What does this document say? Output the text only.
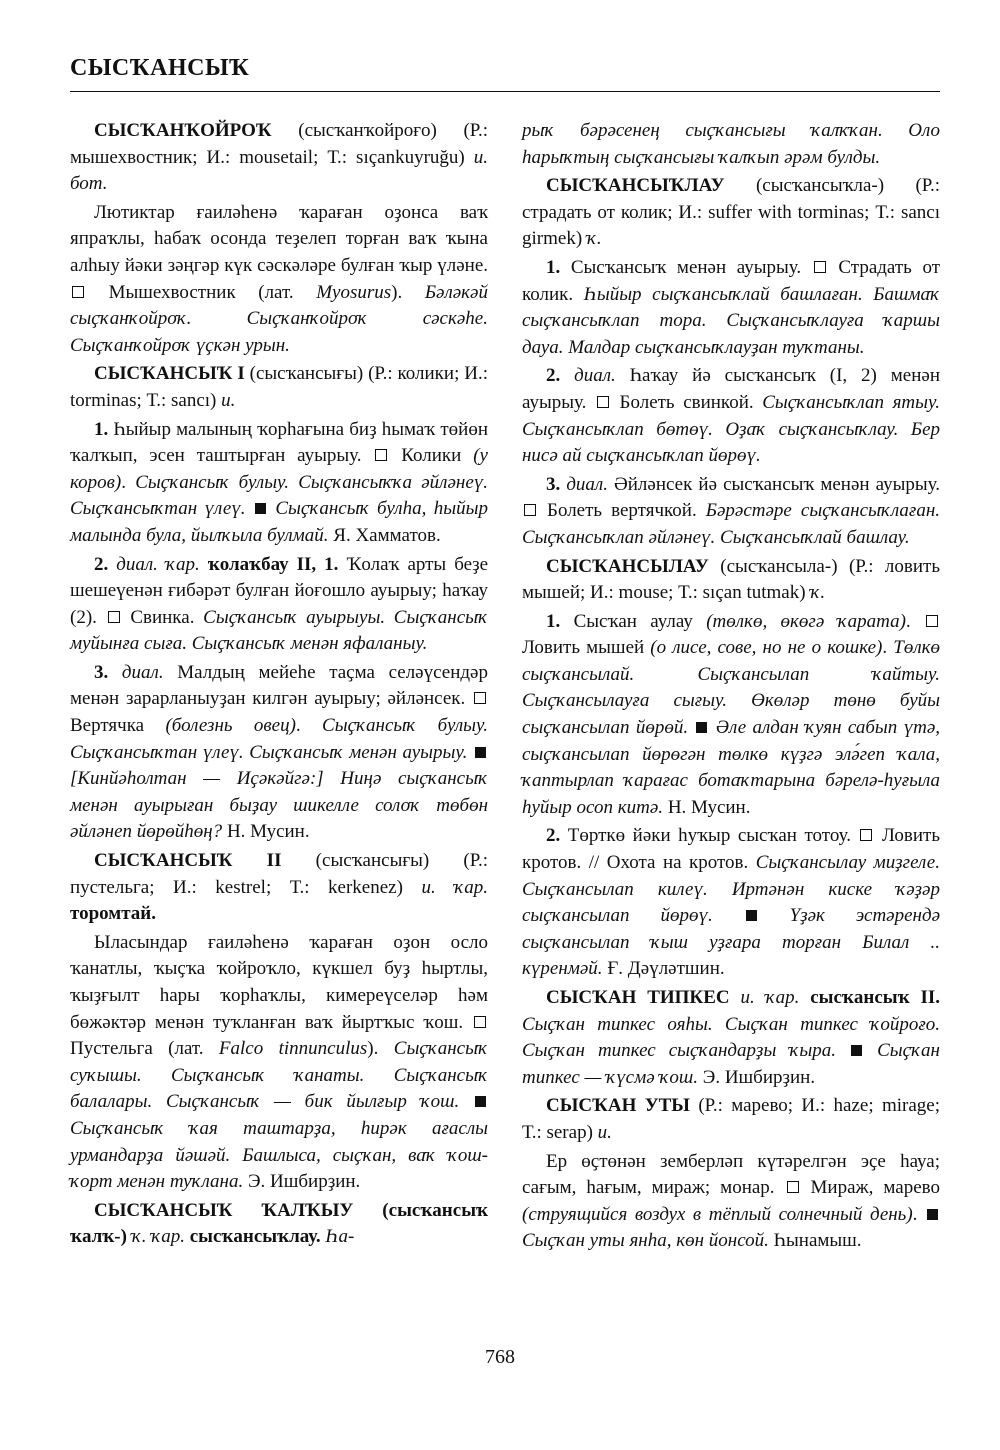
СЫСҠАНСЫҠ

СЫСҠАНҠОЙРОҠ (сысҡанҡойроғо) (Р.: мышехвостник; И.: mousetail; Т.: sıçankuyruğu) и. бот.

Лютиктар ғаиләһенә ҡараған оҙонса ваҡ япраҡлы, һабаҡ осонда теҙелеп торған ваҡ ҡына алһыу йәки зәңгәр күк сәскәләре булған ҡыр үләне.  Мышехвостник (лат. Myosurus). Бәләкәй сыҫҡанҡойроҡ. Сыҫҡанҡойроҡ сәскәһе. Сыҫҡанҡойроҡ үҫкән урын.

СЫСҠАНСЫҠ I (сысҡансығы) (Р.: колики; И.: torminas; Т.: sancı) и.

1. Һыйыр малының ҡорһағына биҙ һымаҡ төйөн ҡалҡып, эсен таштырған ауырыу.  Колики (у коров). Сыҫҡансыҡ булыу. Сыҫҡансыҡҡа әйләнеү. Сыҫҡансыҡтан үлеү.  Сыҫҡансыҡ булһа, һыйыр малында була, йылҡыла булмай. Я. Хамматов.

2. диал. ҡар. ҡолаҡбау II, 1. Ҡолаҡ арты беҙе шешеүенән ғибәрәт булған йоғошло ауырыу; һаҡау (2).  Свинка. Сыҫҡансыҡ ауырыуы. Сыҫҡансыҡ муйынға сыға. Сыҫҡансыҡ менән яфаланыу.

3. диал. Малдың мейеһе таҫма селәүсендәр менән зарарланыуҙан килгән ауырыу; әйләнсек.  Вертячка (болезнь овец). Сыҫҡансыҡ булыу. Сыҫҡансыҡтан үлеү. Сыҫҡансыҡ менән ауырыу.  [Кинйәһолтан — Иҫәкәйгә:] Ниңә сыҫҡансыҡ менән ауырыған быҙау шикелле солоҡ төбөн әйләнеп йөрөйһөң? Н. Мусин.

СЫСҠАНСЫҠ II (сысҡансығы) (Р.: пустельга; И.: kestrel; Т.: kerkenez) и. ҡар. торомтай.

Ыласындар ғаиләһенә ҡараған оҙон осло ҡанатлы, ҡыҫҡа ҡойроҡло, күкшел буҙ һыртлы, ҡыҙғылт һары ҡорһаҡлы, кимереүселәр һәм бөжәктәр менән туҡланған ваҡ йыртҡыс ҡош.  Пустельга (лат. Falco tinnunculus). Сыҫҡансыҡ суҡышы. Сыҫҡансыҡ ҡанаты. Сыҫҡансыҡ балалары. Сыҫҡансыҡ — бик йылғыр ҡош.  Сыҫҡансыҡ ҡая таштарҙа, һирәк ағаслы урмандарҙа йәшәй. Башлыса, сыҫҡан, ваҡ ҡош-ҡорт менән туҡлана. Э. Ишбирҙин.

СЫСҠАНСЫҠ ҠАЛҠЫУ (сысҡансыҡ ҡалҡ-) ҡ. ҡар. сысҡансыҡлау. Һа-

рыҡ бәрәсенең сыҫҡансығы ҡалҡҡан. Оло һарыҡтың сыҫҡансығы ҡалҡып әрәм булды.

СЫСҠАНСЫҠЛАУ (сысҡансыҡла-) (Р.: страдать от колик; И.: suffer with torminas; Т.: sancı girmek) ҡ.

1. Сысҡансыҡ менән ауырыу.  Страдать от колик. Һыйыр сыҫҡансыҡлай башлаған. Башмаҡ сыҫҡансыҡлап тора. Сыҫҡансыҡлауға ҡаршы дауа. Малдар сыҫҡансыҡлауҙан туҡтаны.

2. диал. Һаҡау йә сысҡансыҡ (I, 2) менән ауырыу.  Болеть свинкой. Сыҫҡансыҡлап ятыу. Сыҫҡансыҡлап бөтөү. Оҙаҡ сыҫҡансыҡлау. Бер нисә ай сыҫҡансыҡлап йөрөү.

3. диал. Әйләнсек йә сысҡансыҡ менән ауырыу.  Болеть вертячкой. Бәрәстәре сыҫҡансыҡлаған. Сыҫҡансыҡлап әйләнеү. Сыҫҡансыҡлай башлау.

СЫСҠАНСЫЛАУ (сысҡансыла-) (Р.: ловить мышей; И.: mouse; Т.: sıçan tutmak) ҡ.

1. Сысҡан аулау (төлкө, өкөгә ҡарата).  Ловить мышей (о лисе, сове, но не о кошке). Төлкө сыҫҡансылай. Сыҫҡансылап ҡайтыу. Сыҫҡансылауға сығыу. Өкөләр төнө буйы сыҫҡансылап йөрөй.  Әле алдан ҡуян сабып үтә, сыҫҡансылап йөрөгән төлкө күҙгә элә́геп ҡала, ҡаптырлап ҡарағас ботаҡтарына бәрелә-һуғыла һуйыр осоп китә. Н. Мусин.

2. Төрткө йәки һуҡыр сысҡан тотоу.  Ловить кротов. // Охота на кротов. Сыҫҡансылау миҙгеле. Сыҫҡансылап килеү. Иртәнән киске ҡәҙәр сыҫҡансылап йөрөү.  Үҙәк эстәрендә сыҫҡансылап ҡыш уҙғара торған Билал .. күренмәй. Ғ. Дәүләтшин.

СЫСҠАН ТИПКЕС и. ҡар. сысҡансыҡ II. Сыҫҡан типкес ояһы. Сыҫҡан типкес ҡойроғо. Сыҫҡан типкес сыҫҡандарҙы ҡыра.  Сыҫҡан типкес — ҡүсмә ҡош. Э. Ишбирҙин.

СЫСҠАН УТЫ (Р.: марево; И.: haze; mirage; Т.: serap) и.

Ер өҫтөнән земберләп күтәрелгән эҫе һауа; сағым, һағым, мираж; монар.  Мираж, марево (струящийся воздух в тёплый солнечный день).  Сыҫҡан уты янһа, көн йонсой. Һынамыш.

768
